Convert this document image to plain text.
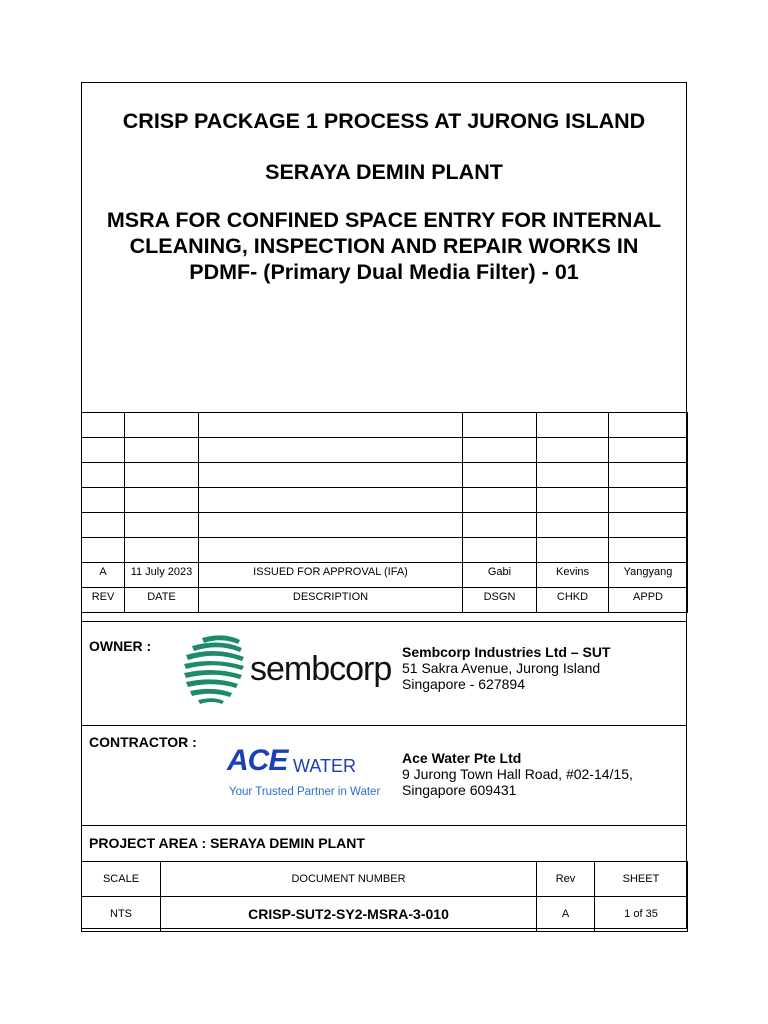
CRISP PACKAGE 1 PROCESS AT JURONG ISLAND
SERAYA DEMIN PLANT
MSRA FOR CONFINED SPACE ENTRY FOR INTERNAL
CLEANING, INSPECTION AND REPAIR WORKS IN
PDMF- (Primary Dual Media Filter) - 01

A	11 July 2023	ISSUED FOR APPROVAL (IFA)	Gabi	Kevins	Yangyang
REV	DATE	DESCRIPTION	DSGN	CHKD	APPD
OWNER :
sembcorp Sembcorp Industries Ltd – SUT
51 Sakra Avenue, Jurong Island
Singapore - 627894
CONTRACTOR :
ACE WATER
Your Trusted Partner in Water
Ace Water Pte Ltd
9 Jurong Town Hall Road, #02-14/15,
Singapore 609431
PROJECT AREA : SERAYA DEMIN PLANT
SCALE	DOCUMENT NUMBER	Rev	SHEET
NTS	CRISP-SUT2-SY2-MSRA-3-010	A	1 of 35
